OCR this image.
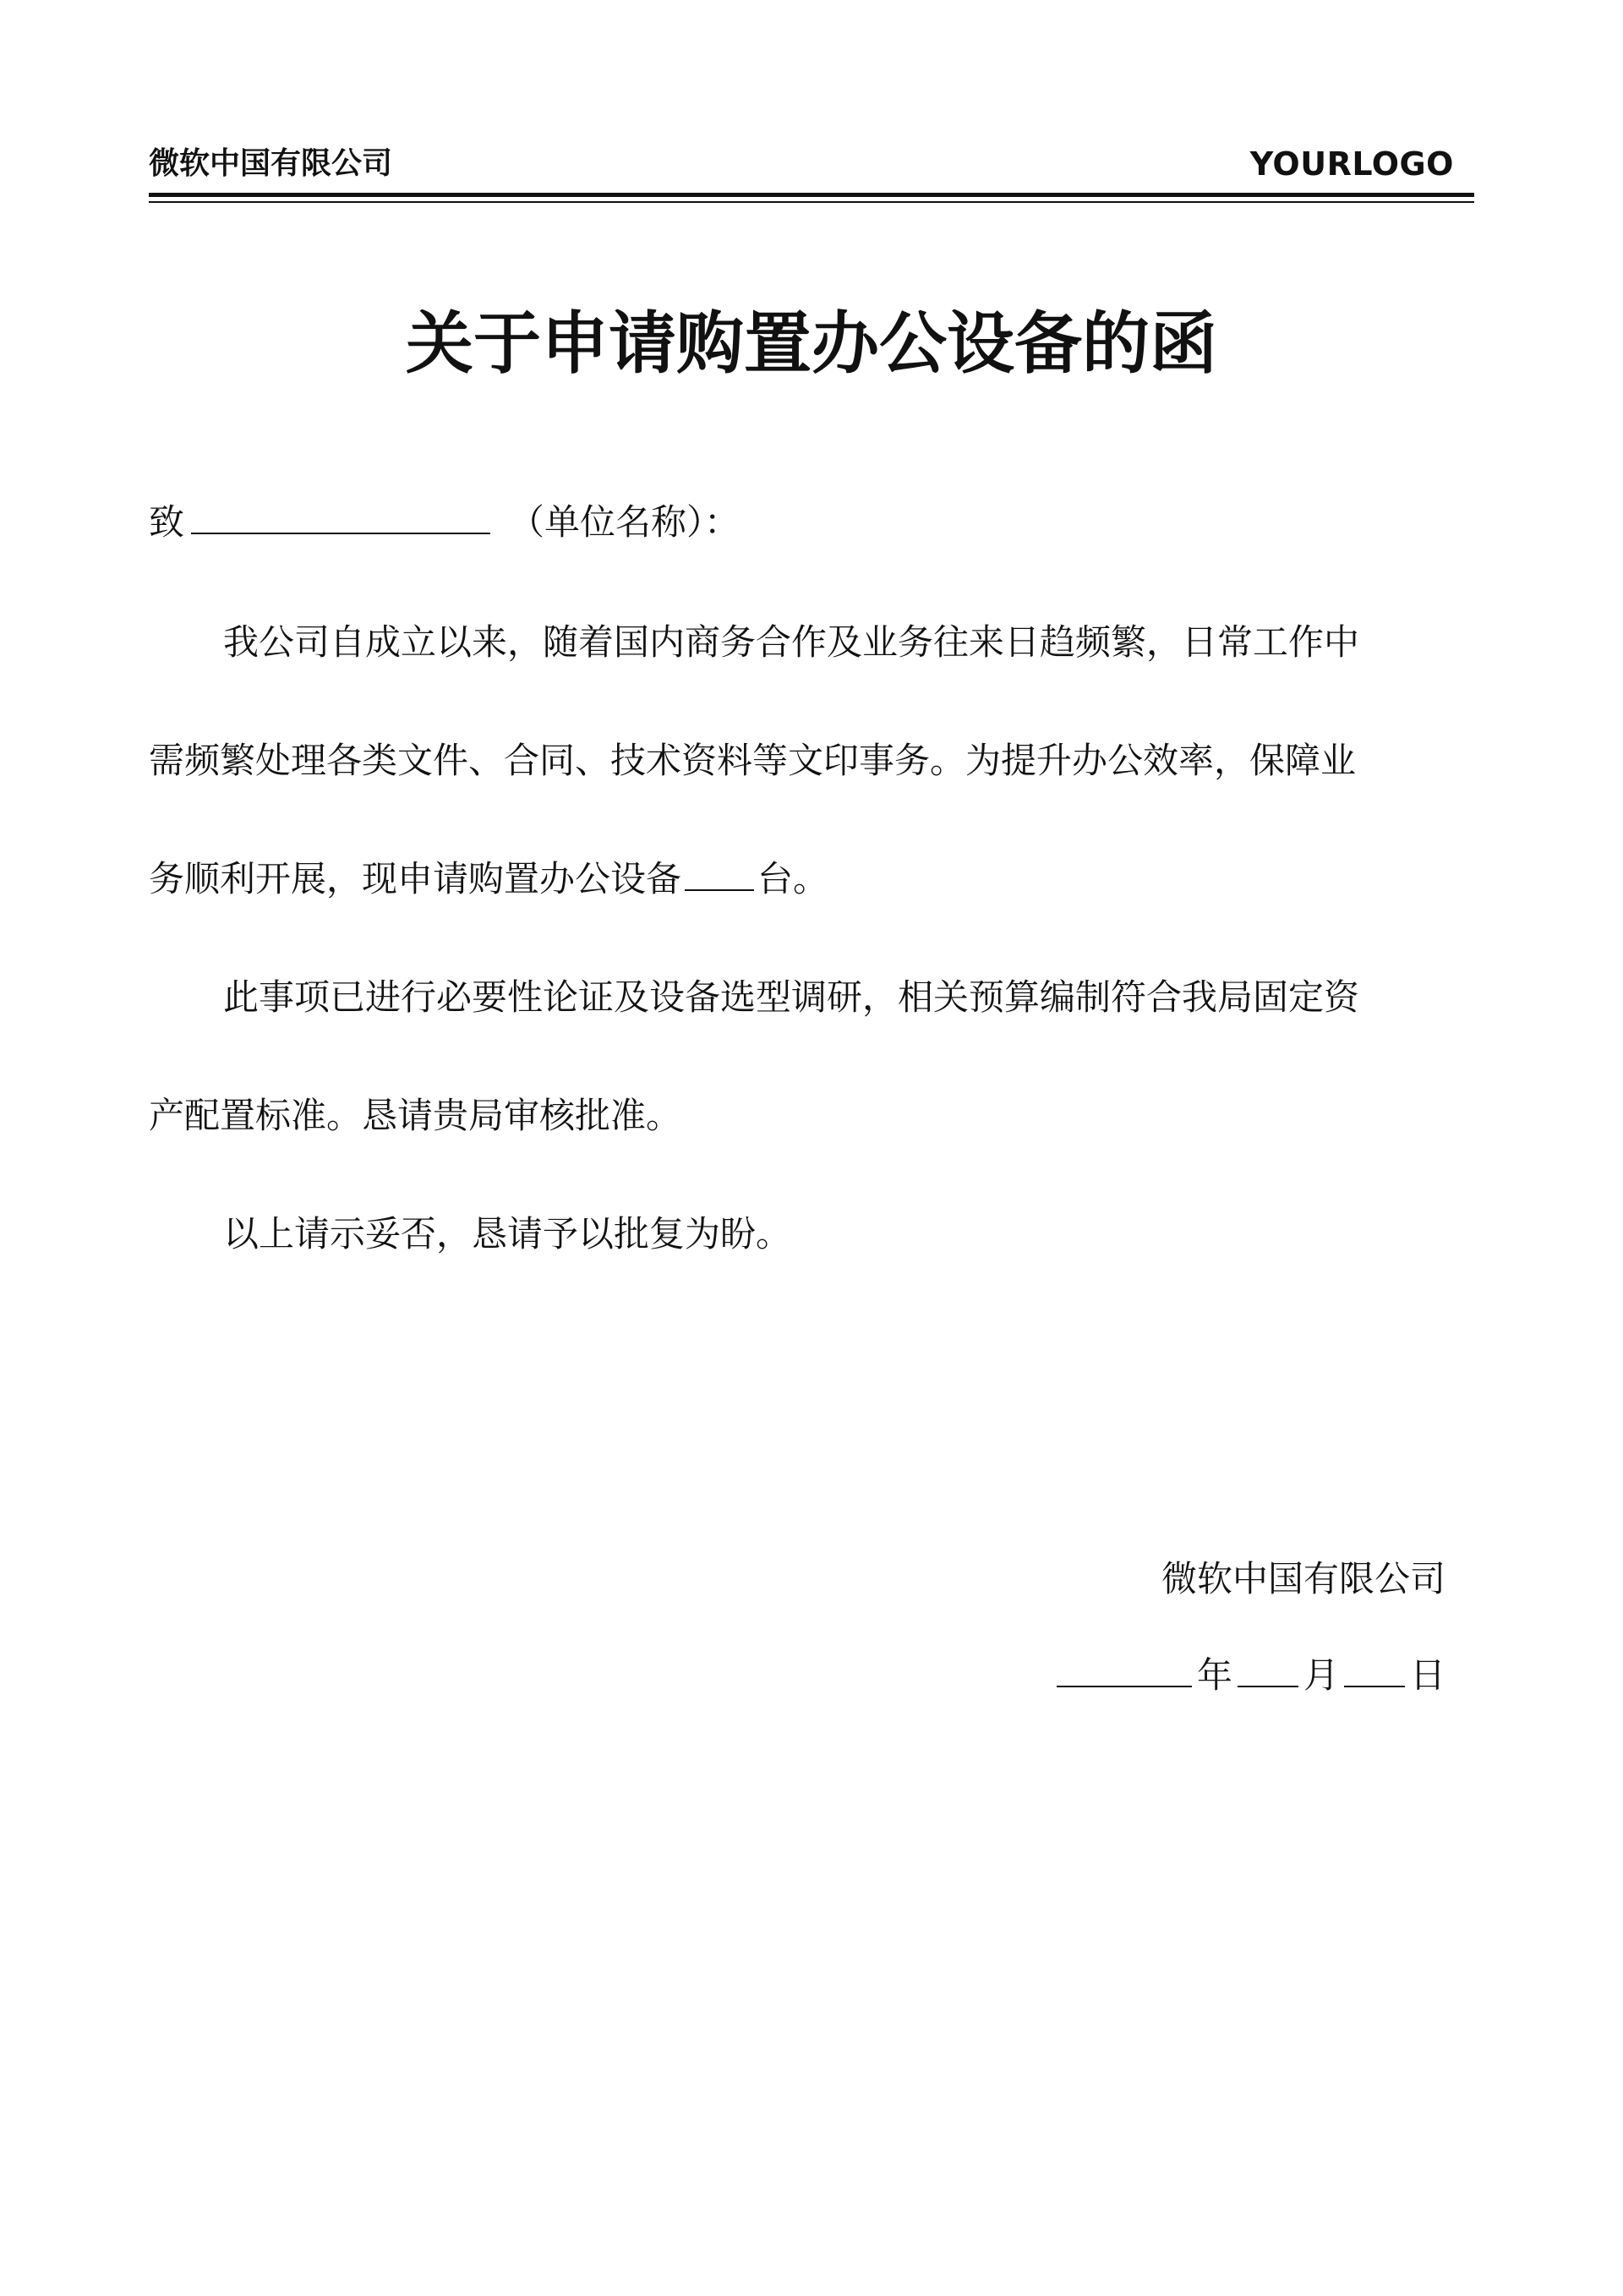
微软中国有限公司	YOURLOGO
关于申请购置办公设备的函
致	（单位名称）：
我公司自成立以来，随着国内商务合作及业务往来日趋频繁，日常工作中
需频繁处理各类文件、合同、技术资料等文印事务。为提升办公效率，保障业
务顺利开展，现申请购置办公设备 台。
此事项已进行必要性论证及设备选型调研，相关预算编制符合我局固定资
产配置标准。恳请贵局审核批准。
以上请示妥否，恳请予以批复为盼。
微软中国有限公司
年 月 日
